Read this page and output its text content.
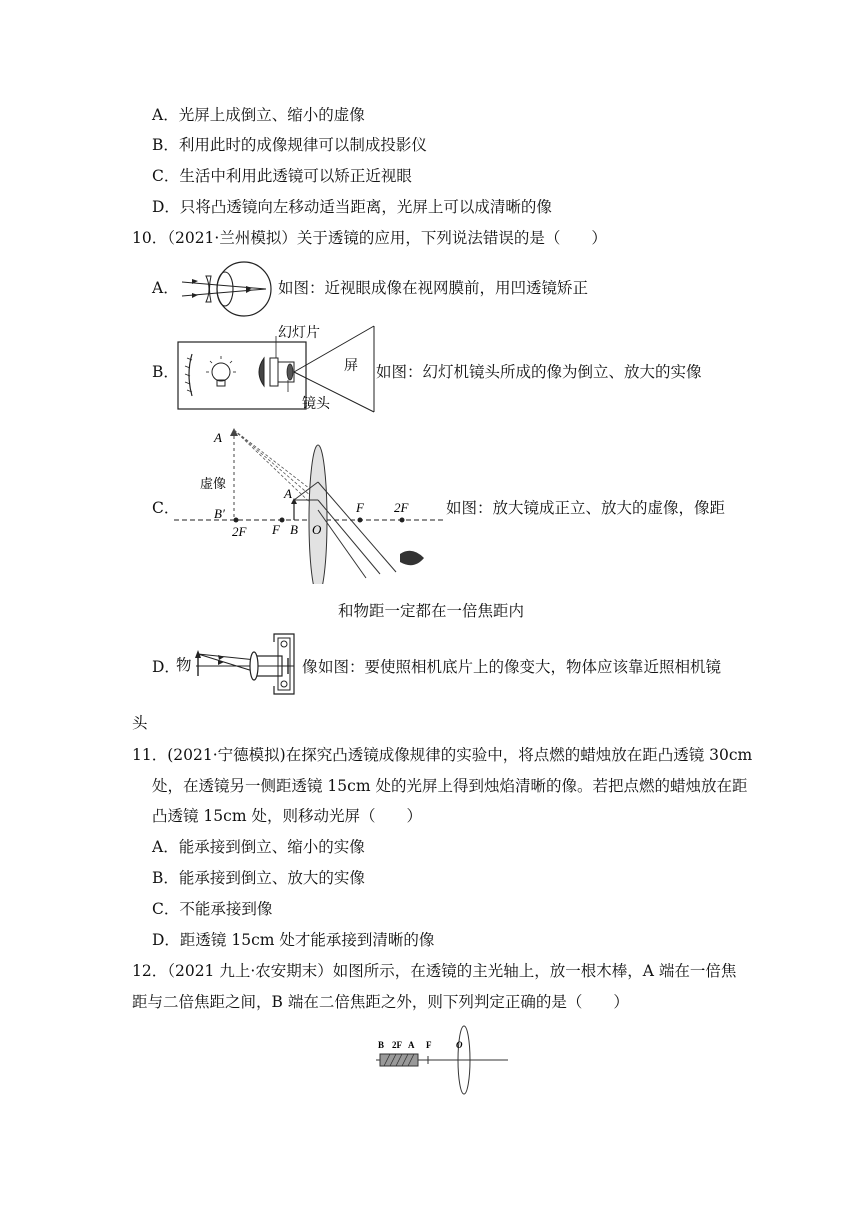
A．光屏上成倒立、缩小的虚像
B．利用此时的成像规律可以制成投影仪
C．生活中利用此透镜可以矫正近视眼
D．只将凸透镜向左移动适当距离，光屏上可以成清晰的像
10．（2021·兰州模拟）关于透镜的应用，下列说法错误的是（　　）
A．	如图：近视眼成像在视网膜前，用凹透镜矫正
B．
幻灯片
屏
镜头
如图：幻灯机镜头所成的像为倒立、放大的实像
C．
A
虚像
B′
A
B
F
F 2F
2F	O
如图：放大镜成正立、放大的虚像，像距
和物距一定都在一倍焦距内
D．
物	像 如图：要使照相机底片上的像变大，物体应该靠近照相机镜
头
11．(2021·宁德模拟)在探究凸透镜成像规律的实验中，将点燃的蜡烛放在距凸透镜 30cm
处，在透镜另一侧距透镜 15cm 处的光屏上得到烛焰清晰的像。若把点燃的蜡烛放在距
凸透镜 15cm 处，则移动光屏（　　）
A．能承接到倒立、缩小的实像
B．能承接到倒立、放大的实像
C．不能承接到像
D．距透镜 15cm 处才能承接到清晰的像
12．（2021 九上·农安期末）如图所示，在透镜的主光轴上，放一根木棒，A 端在一倍焦
距与二倍焦距之间，B 端在二倍焦距之外，则下列判定正确的是（　　）
B 2F A F	O
